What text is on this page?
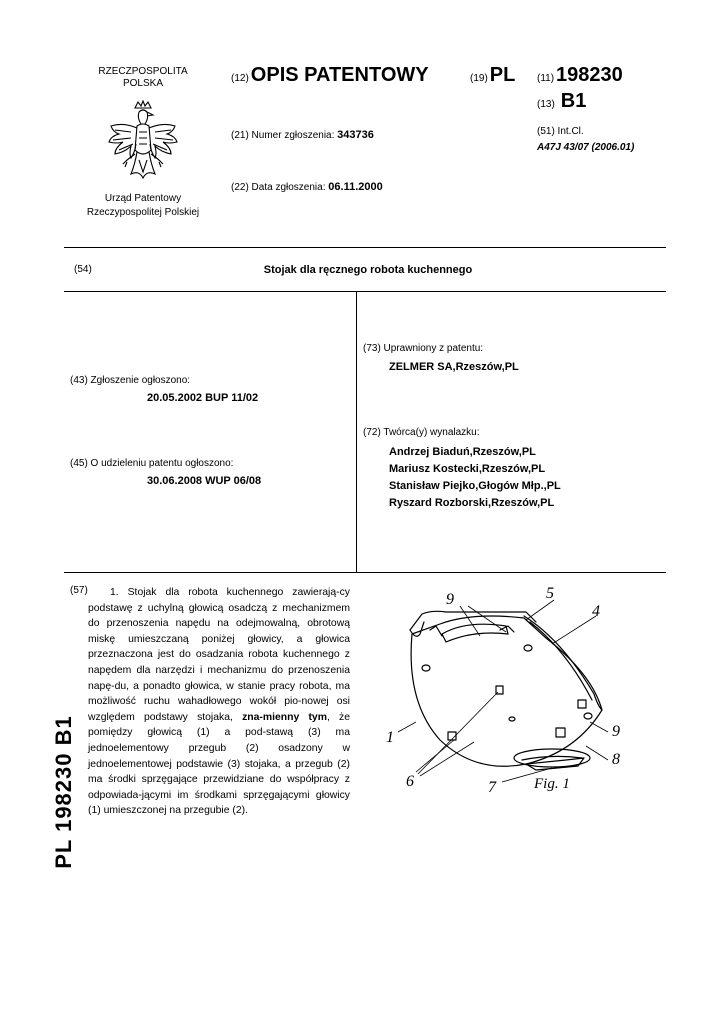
RZECZPOSPOLITA
POLSKA
Urząd Patentowy
Rzeczypospolitej Polskiej
(12) OPIS PATENTOWY	(19) PL (11) 198230
(13) B1
(21) Numer zgłoszenia: 343736
(22) Data zgłoszenia: 06.11.2000
(51) Int.Cl.
A47J 43/07 (2006.01)
(54)	Stojak dla ręcznego robota kuchennego
(43) Zgłoszenie ogłoszono:
20.05.2002 BUP 11/02
(45) O udzieleniu patentu ogłoszono:
30.06.2008 WUP 06/08
(73) Uprawniony z patentu:
ZELMER SA,Rzeszów,PL
(72) Twórca(y) wynalazku:
Andrzej Biaduń,Rzeszów,PL
Mariusz Kostecki,Rzeszów,PL
Stanisław Piejko,Głogów Młp.,PL
Ryszard Rozborski,Rzeszów,PL
(57)	1. Stojak dla robota kuchennego zawierają-cy podstawę z uchylną głowicą osadczą z mechanizmem do przenoszenia napędu na odejmowalną, obrotową miskę umieszczaną poniżej głowicy, a głowica przeznaczona jest do osadzania robota kuchennego z napędem dla narzędzi i mechanizmu do przenoszenia napę-du, a ponadto głowica, w stanie pracy robota, ma możliwość ruchu wahadłowego wokół pio-nowej osi względem podstawy stojaka, zna-mienny tym, że pomiędzy głowicą (1) a pod-stawą (3) ma jednoelementowy przegub (2) osadzony w jednoelementowej podstawie (3) stojaka, a przegub (2) ma środki sprzęgające przewidziane do współpracy z odpowiada-jącymi im środkami sprzęgającymi głowicy (1) umieszczonej na przegubie (2).
PL 198230 B1
9	5
4
1	9
8
6	7	Fig. 1
